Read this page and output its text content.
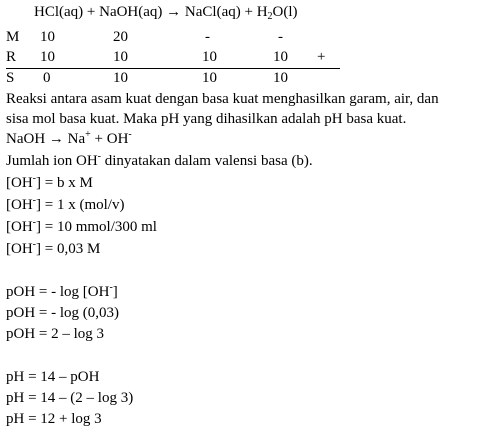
HCl(aq) + NaOH(aq) → NaCl(aq) + $H_2O(l)$
M 10	20	-	-
R 10	10	10	10 +
S 0	10	10	10
Reaksi antara asam kuat dengan basa kuat menghasilkan garam, air, dan
sisa mol basa kuat. Maka pH yang dihasilkan adalah pH basa kuat.
NaOH → Na+ + OH-
Jumlah ion OH- dinyatakan dalam valensi basa (b).
[OH-] = b x M
[OH-] = 1 x (mol/v)
[OH-] = 10 mmol/300 ml
[OH-] = 0,03 M
pOH = - log [OH-]
pOH = - log (0,03)
pOH = 2 – log 3
pH = 14 – pOH
pH = 14 – (2 – log 3)
pH = 12 + log 3
